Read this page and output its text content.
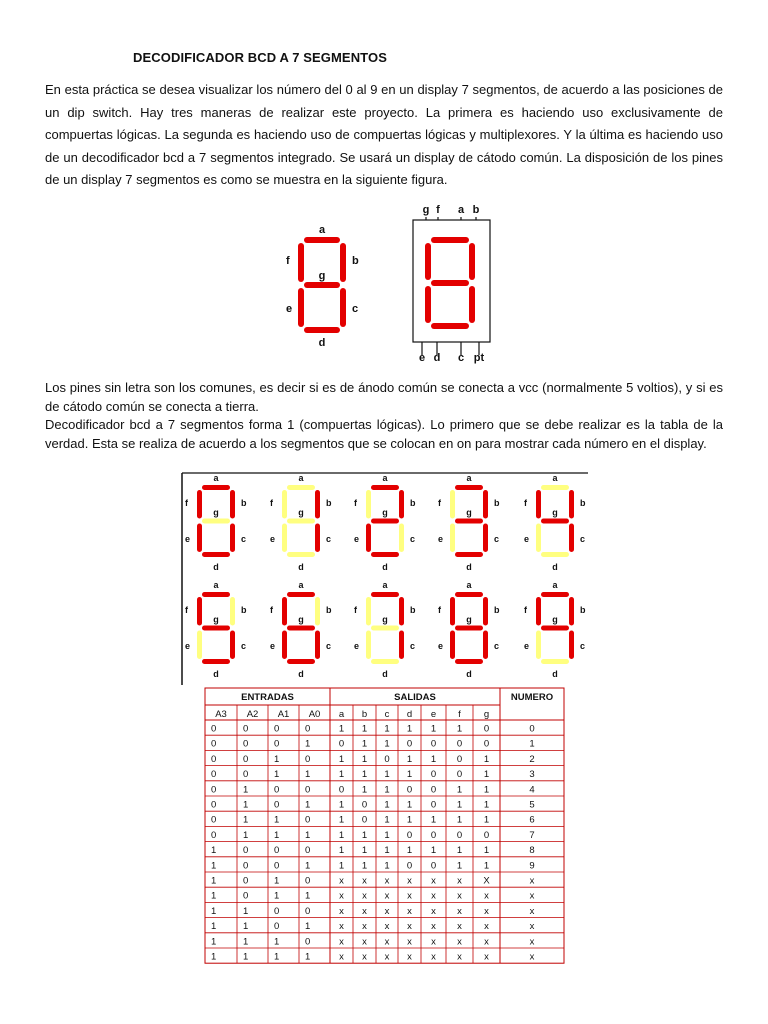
DECODIFICADOR BCD A 7 SEGMENTOS
En esta práctica se desea visualizar los número del 0 al 9 en un display 7 segmentos, de acuerdo a las posiciones de un dip switch. Hay tres maneras de realizar este proyecto. La primera es haciendo uso exclusivamente de compuertas lógicas. La segunda es haciendo uso de compuertas lógicas y multiplexores. Y la última es haciendo uso de un decodificador bcd a 7 segmentos integrado. Se usará un display de cátodo común. La disposición de los pines de un display 7 segmentos es como se muestra en la siguiente figura.
a
b
c
d
e
f
g
g f a b
e d c pt
Los pines sin letra son los comunes, es decir si es de ánodo común se conecta a vcc (normalmente 5 voltios), y si es de cátodo común se conecta a tierra.
Decodificador bcd a 7 segmentos forma 1 (compuertas lógicas). Lo primero que se debe realizar es la tabla de la verdad. Esta se realiza de acuerdo a los segmentos que se colocan en on para mostrar cada número en el display.
a
b
c
d
e
f
g
a
b
c
d
e
f
g
a
b
c
d
e
f
g
a
b
c
d
e
f
g
a
b
c
d
e
f
g
a
b
c
d
e
f
g
a
b
c
d
e
f
g
a
b
c
d
e
f
g
a
b
c
d
e
f
g
a
b
c
d
e
f
g
ENTRADAS	SALIDAS	NUMERO
A3 A2 A1 A0 a b c d e f g
0	0	0	0	1 1 1 1 1 1 0	0
0	0	0	1	0 1 1 0 0 0 0	1
0	0	1	0	1 1 0 1 1 0 1	2
0	0	1	1	1 1 1 1 0 0 1	3
0	1	0	0	0 1 1 0 0 1 1	4
0	1	0	1	1 0 1 1 0 1 1	5
0	1	1	0	1 0 1 1 1 1 1	6
0	1	1	1	1 1 1 0 0 0 0	7
1	0	0	0	1 1 1 1 1 1 1	8
1	0	0	1	1 1 1 0 0 1 1	9
1	0	1	0	x x x x x x X	x
1	0	1	1	x x x x x x x	x
1	1	0	0	x x x x x x x	x
1	1	0	1	x x x x x x x	x
1	1	1	0	x x x x x x x	x
1	1	1	1	x x x x x x x	x
